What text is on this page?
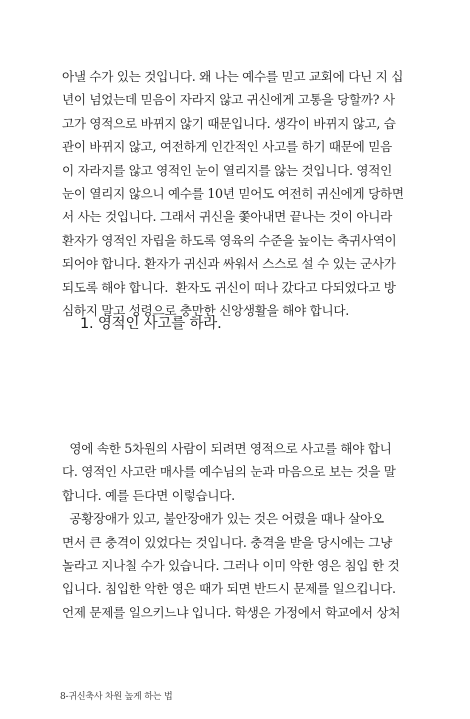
아낼 수가 있는 것입니다. 왜 나는 예수를 믿고 교회에 다닌 지 십
년이 넘었는데 믿음이 자라지 않고 귀신에게 고통을 당할까? 사
고가 영적으로 바뀌지 않기 때문입니다. 생각이 바뀌지 않고, 습
관이 바뀌지 않고, 여전하게 인간적인 사고를 하기 때문에 믿음
이 자라지를 않고 영적인 눈이 열리지를 않는 것입니다. 영적인
눈이 열리지 않으니 예수를 10년 믿어도 여전히 귀신에게 당하면
서 사는 것입니다. 그래서 귀신을 쫓아내면 끝나는 것이 아니라
환자가 영적인 자립을 하도록 영육의 수준을 높이는 축귀사역이
되어야 합니다. 환자가 귀신과 싸워서 스스로 설 수 있는 군사가
되도록 해야 합니다.  환자도 귀신이 떠나 갔다고 다되었다고 방
심하지 말고 성령으로 충만한 신앙생활을 해야 합니다.

1. 영적인 사고를 하라.

영에 속한 5차원의 사람이 되려면 영적으로 사고를 해야 합니
다. 영적인 사고란 매사를 예수님의 눈과 마음으로 보는 것을 말
합니다. 예를 든다면 이렇습니다.
공황장애가 있고, 불안장애가 있는 것은 어렸을 때나 살아오
면서 큰 충격이 있었다는 것입니다. 충격을 받을 당시에는 그냥
놀라고 지나칠 수가 있습니다. 그러나 이미 악한 영은 침입 한 것
입니다. 침입한 악한 영은 때가 되면 반드시 문제를 일으킵니다.
언제 문제를 일으키느냐 입니다. 학생은 가정에서 학교에서 상처

8-귀신축사 차원 높게 하는 법
